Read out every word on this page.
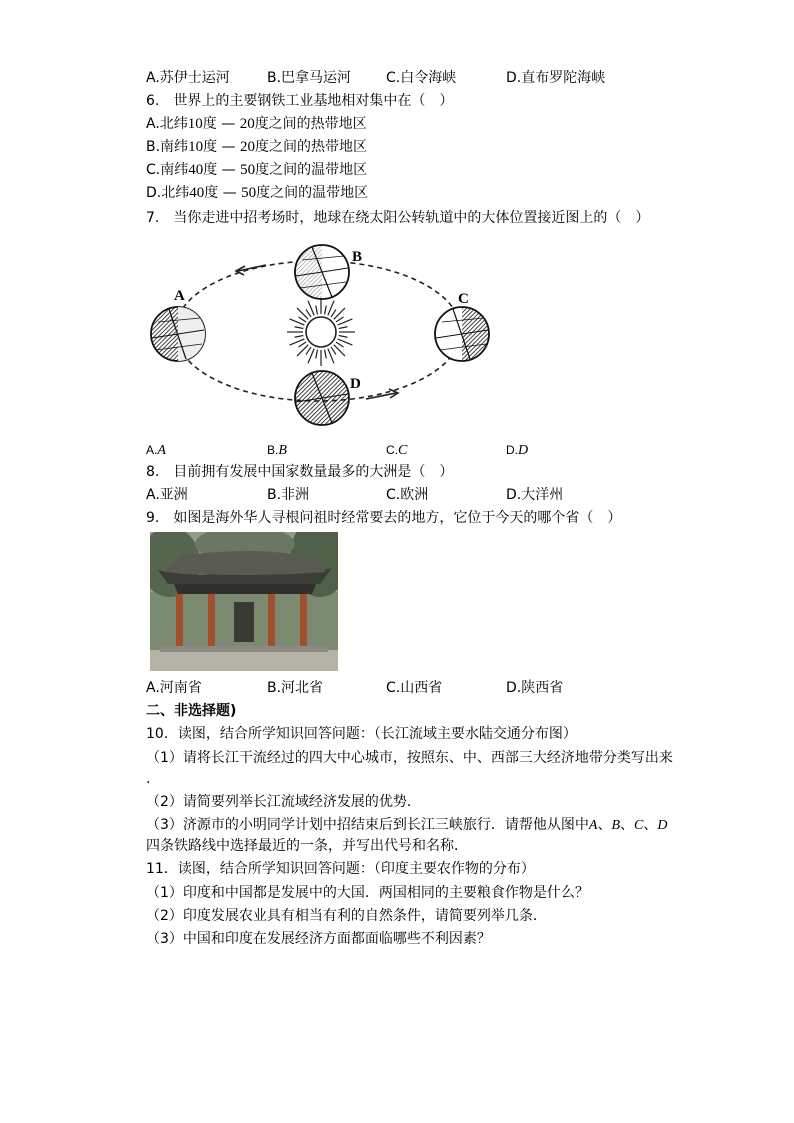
A.苏伊士运河	B.巴拿马运河 C.白令海峡	D.直布罗陀海峡
6.　世界上的主要钢铁工业基地相对集中在（　）
A.北纬10度 — 20度之间的热带地区
B.南纬10度 — 20度之间的热带地区
C.南纬40度 — 50度之间的温带地区
D.北纬40度 — 50度之间的温带地区
7.　当你走进中招考场时，地球在绕太阳公转轨道中的大体位置接近图上的（　）
A
B
C
D
A.A	B.B	C.C	D.D
8.　目前拥有发展中国家数量最多的大洲是（　）
A.亚洲	B.非洲	C.欧洲	D.大洋州
9.　如图是海外华人寻根问祖时经常要去的地方，它位于今天的哪个省（　）
A.河南省	B.河北省	C.山西省	D.陕西省
二、非选择题)
10．读图，结合所学知识回答问题：（长江流域主要水陆交通分布图）
（1）请将长江干流经过的四大中心城市，按照东、中、西部三大经济地带分类写出来
.
（2）请简要列举长江流域经济发展的优势．
（3）济源市的小明同学计划中招结束后到长江三峡旅行．请帮他从图中A、B、C、D
四条铁路线中选择最近的一条，并写出代号和名称．
11．读图，结合所学知识回答问题：（印度主要农作物的分布）
（1）印度和中国都是发展中的大国．两国相同的主要粮食作物是什么？
（2）印度发展农业具有相当有利的自然条件，请简要列举几条．
（3）中国和印度在发展经济方面都面临哪些不利因素？
